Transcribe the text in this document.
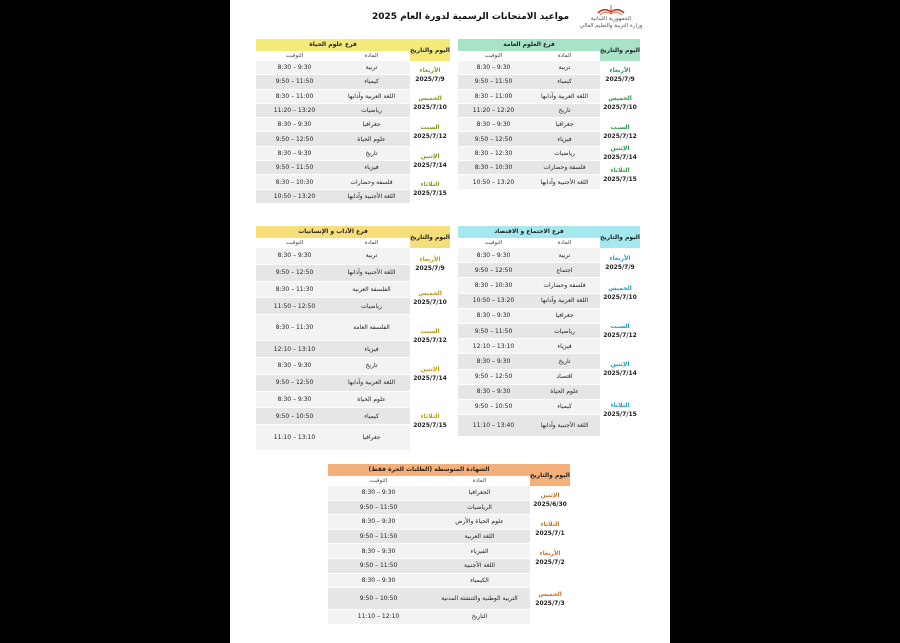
مواعيد الامتحانات الرسمية لدورة العام 2025	الجمهورية اللبنانية
وزارة التربية والتعليم العالي
اليوم والتاريخ
فرع العلوم العامة
المادة
التوقيت
الأربعاء
2025/7/9
الخميس
2025/7/10
السبت
2025/7/12
الإثنين
2025/7/14
الثلاثاء
2025/7/15
تربية
8:30 – 9:30
كيمياء
9:50 – 11:50
اللغة العربية وآدابها
8:30 – 11:00
تاريخ
11:20 – 12:20
جغرافيا
8:30 – 9:30
فيزياء
9:50 – 12:50
رياضيات
8:30 – 12:30
فلسفة وحضارات
8:30 – 10:30
اللغة الأجنبية وآدابها
10:50 – 13:20
اليوم والتاريخ
فرع علوم الحياة
المادة
التوقيت
الأربعاء
2025/7/9
الخميس
2025/7/10
السبت
2025/7/12
الإثنين
2025/7/14
الثلاثاء
2025/7/15
تربية
8:30 – 9:30
كيمياء
9:50 – 11:50
اللغة العربية وآدابها
8:30 – 11:00
رياضيات
11:20 – 13:20
جغرافيا
8:30 – 9:30
علوم الحياة
9:50 – 12:50
تاريخ
8:30 – 9:30
فيزياء
9:50 – 11:50
فلسفة وحضارات
8:30 – 10:30
اللغة الأجنبية وآدابها
10:50 – 13:20
اليوم والتاريخ
فرع الاجتماع و الاقتصاد
المادة
التوقيت
الأربعاء
2025/7/9
الخميس
2025/7/10
السبت
2025/7/12
الإثنين
2025/7/14
الثلاثاء
2025/7/15
تربية
8:30 – 9:30
اجتماع
9:50 – 12:50
فلسفة وحضارات
8:30 – 10:30
اللغة العربية وآدابها
10:50 – 13:20
جغرافيا
8:30 – 9:30
رياضيات
9:50 – 11:50
فيزياء
12:10 – 13:10
تاريخ
8:30 – 9:30
اقتصاد
9:50 – 12:50
علوم الحياة
8:30 – 9:30
كيمياء
9:50 – 10:50
اللغة الأجنبية وآدابها
11:10 – 13:40
اليوم والتاريخ
فرع الآداب و الإنسانيات
المادة
التوقيت
الأربعاء
2025/7/9
الخميس
2025/7/10
السبت
2025/7/12
الإثنين
2025/7/14
الثلاثاء
2025/7/15
تربية
8:30 – 9:30
اللغة الأجنبية وآدابها
9:50 – 12:50
الفلسفة العربية
8:30 – 11:30
رياضيات
11:50 – 12:50
الفلسفة العامة
8:30 – 11:30
فيزياء
12:10 – 13:10
تاريخ
8:30 – 9:30
اللغة العربية وآدابها
9:50 – 12:50
علوم الحياة
8:30 – 9:30
كيمياء
9:50 – 10:50
جغرافيا
11:10 – 13:10
اليوم والتاريخ
الشهادة المتوسطة (الطلبات الحرة فقط)
المادة
التوقيت
الإثنين
2025/6/30
الثلاثاء
2025/7/1
الأربعاء
2025/7/2
الخميس
2025/7/3
الجغرافيا
8:30 – 9:30
الرياضيات
9:50 – 11:50
علوم الحياة والأرض
8:30 – 9:30
اللغة العربية
9:50 – 11:50
الفيزياء
8:30 – 9:30
اللغة الأجنبية
9:50 – 11:50
الكيمياء
8:30 – 9:30
التربية الوطنية والتنشئة المدنية
9:50 – 10:50
التاريخ
11:10 – 12:10
